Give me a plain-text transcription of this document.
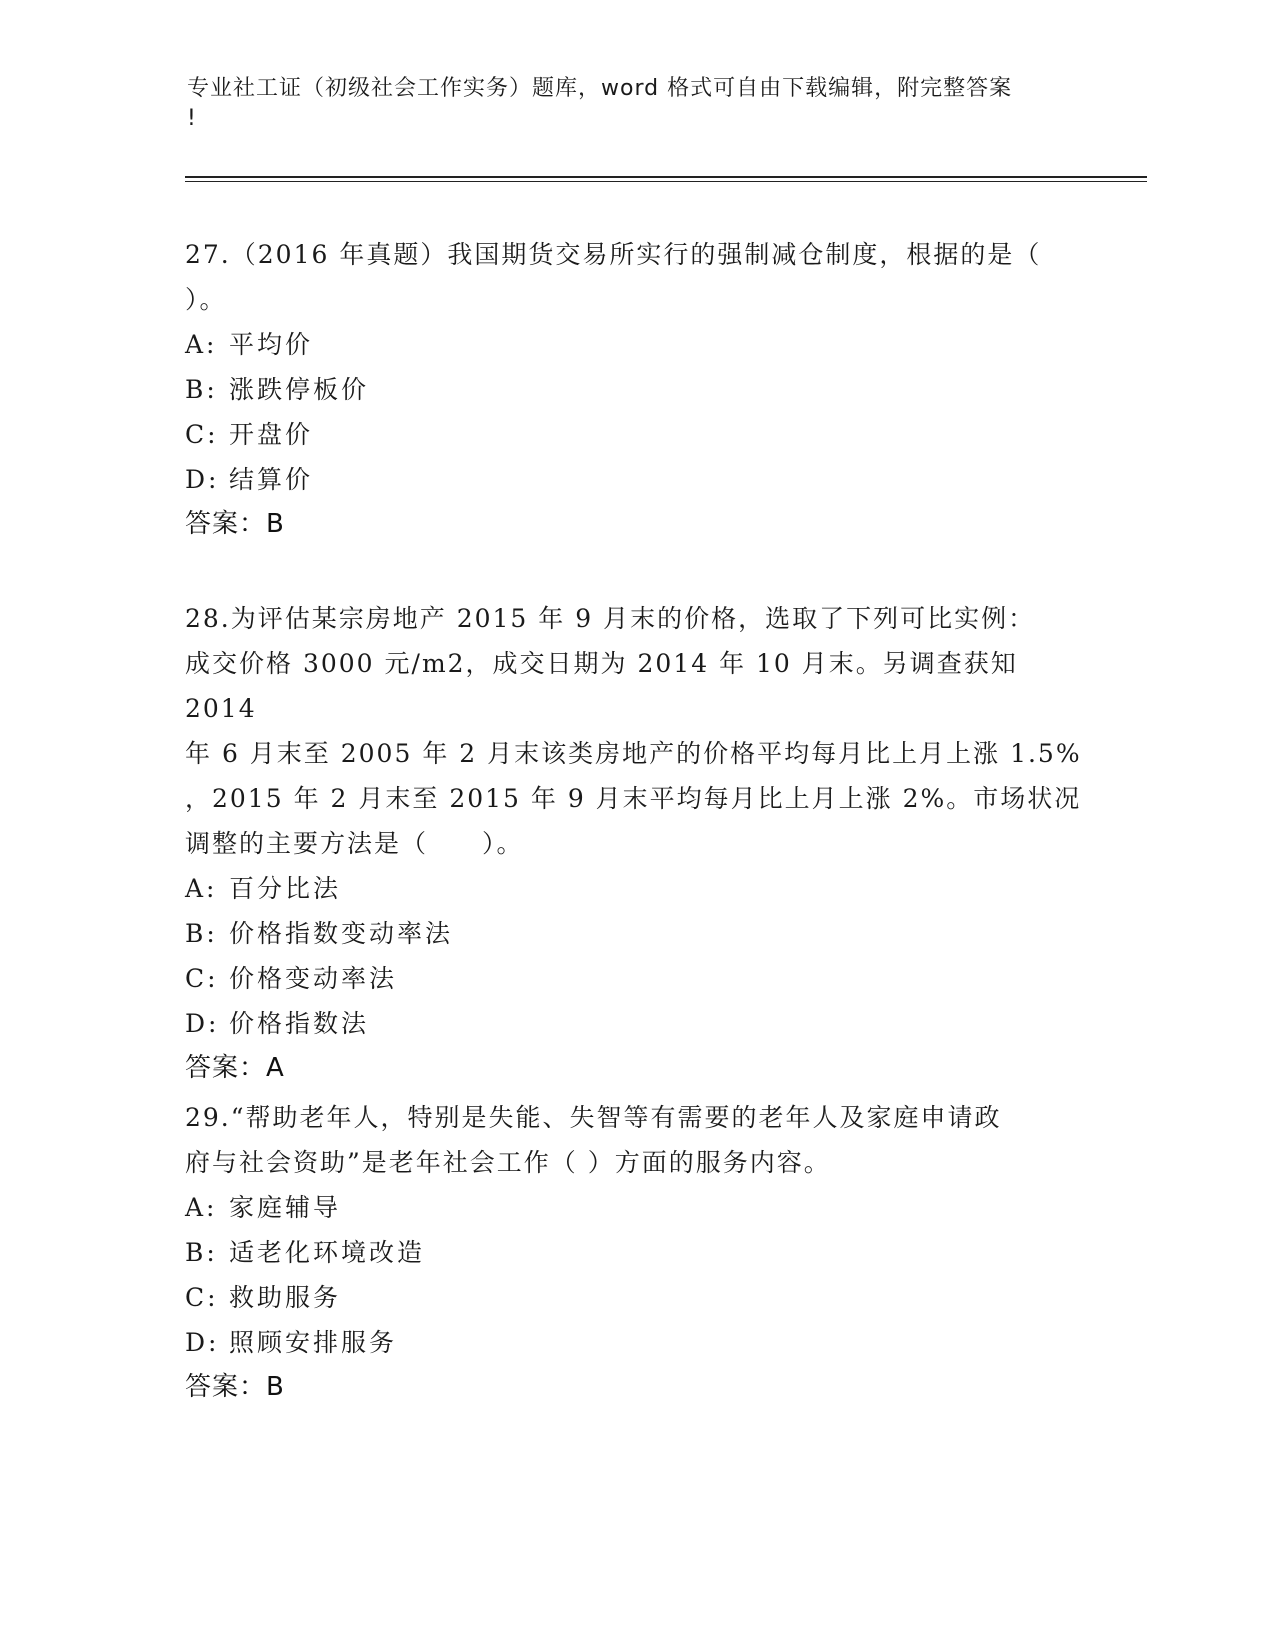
专业社工证（初级社会工作实务）题库，word 格式可自由下载编辑，附完整答案
!

27.（2016 年真题）我国期货交易所实行的强制减仓制度，根据的是（
）。

A: 平均价

B: 涨跌停板价

C: 开盘价

D: 结算价

答案：B

28.为评估某宗房地产 2015 年 9 月末的价格，选取了下列可比实例：
成交价格 3000 元/m2，成交日期为 2014 年 10 月末。另调查获知 2014
年 6 月末至 2005 年 2 月末该类房地产的价格平均每月比上月上涨 1.5%
，2015 年 2 月末至 2015 年 9 月末平均每月比上月上涨 2%。市场状况
调整的主要方法是（　　）。

A: 百分比法

B: 价格指数变动率法

C: 价格变动率法

D: 价格指数法

答案：A

29.“帮助老年人，特别是失能、失智等有需要的老年人及家庭申请政
府与社会资助”是老年社会工作（ ）方面的服务内容。

A: 家庭辅导

B: 适老化环境改造

C: 救助服务

D: 照顾安排服务

答案：B
